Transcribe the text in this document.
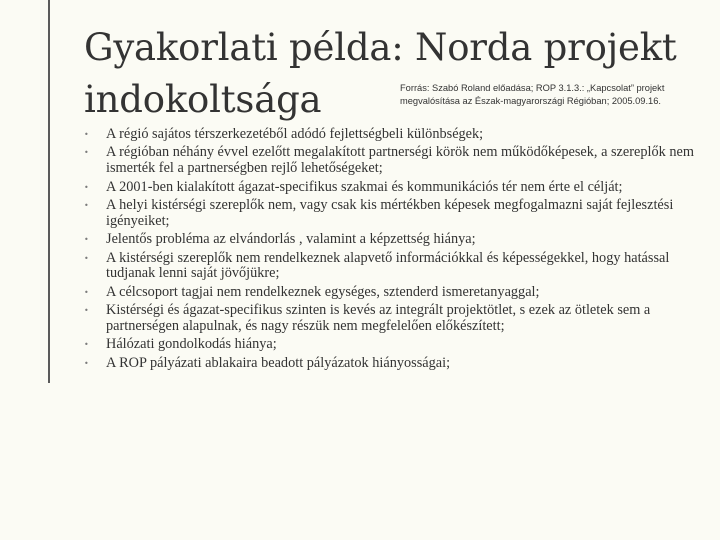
Gyakorlati példa: Norda projekt
indokoltsága	Forrás: Szabó Roland előadása; ROP 3.1.3.: „Kapcsolat” projekt megvalósítása az Észak-magyarországi Régióban; 2005.09.16.
•	A régió sajátos térszerkezetéből adódó fejlettségbeli különbségek;
•	A régióban néhány évvel ezelőtt megalakított partnerségi körök nem működőképesek, a szereplők nem ismerték fel a partnerségben rejlő lehetőségeket;
•	A 2001-ben kialakított ágazat-specifikus szakmai és kommunikációs tér nem érte el célját;
•	A helyi kistérségi szereplők nem, vagy csak kis mértékben képesek megfogalmazni saját fejlesztési igényeiket;
•	Jelentős probléma az elvándorlás , valamint a képzettség hiánya;
•	A kistérségi szereplők nem rendelkeznek alapvető információkkal és képességekkel, hogy hatással tudjanak lenni saját jövőjükre;
•	A célcsoport tagjai nem rendelkeznek egységes, sztenderd ismeretanyaggal;
•	Kistérségi és ágazat-specifikus szinten is kevés az integrált projektötlet, s ezek az ötletek sem a partnerségen alapulnak, és nagy részük nem megfelelően előkészített;
•	Hálózati gondolkodás hiánya;
•	A ROP pályázati ablakaira beadott pályázatok hiányosságai;
